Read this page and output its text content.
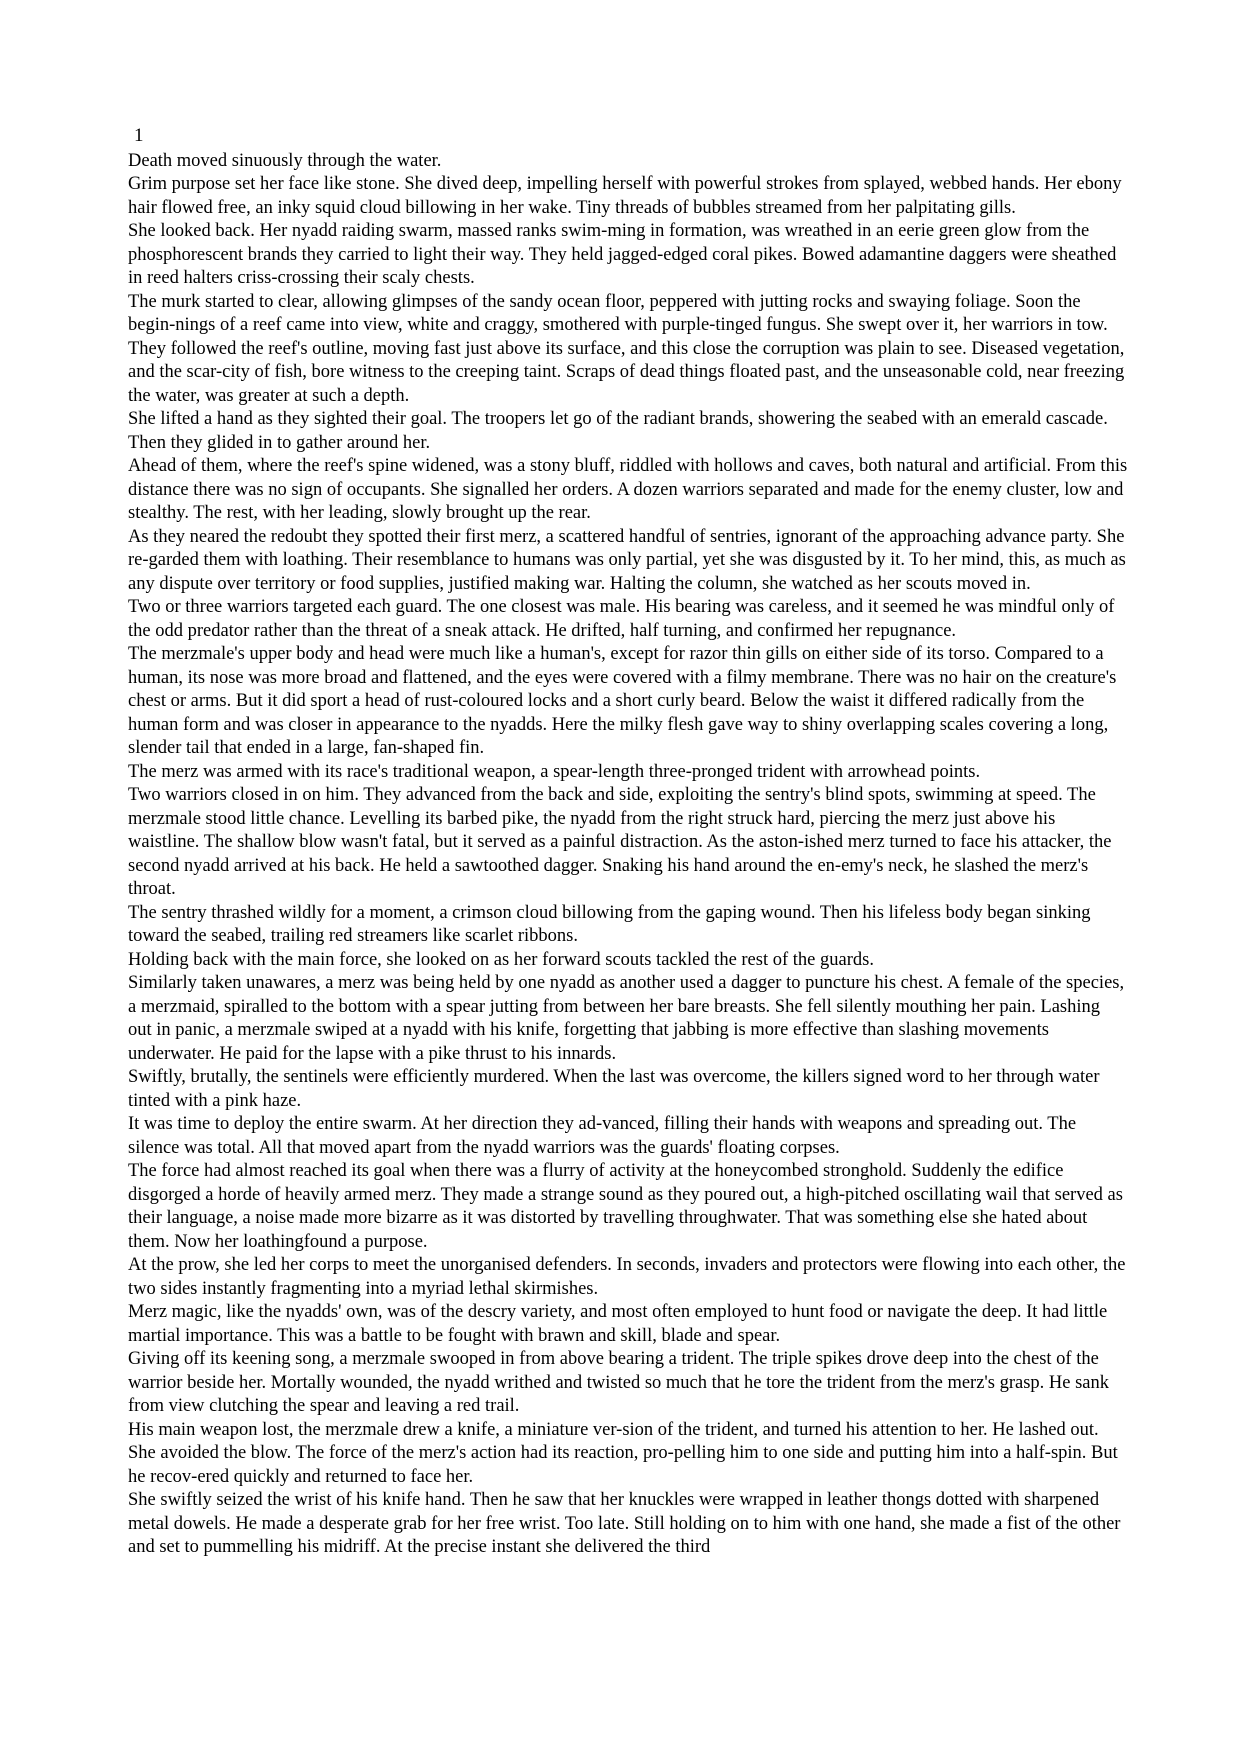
1

Death moved sinuously through the water.

Grim purpose set her face like stone. She dived deep, impelling herself with powerful strokes from splayed, webbed hands. Her ebony hair flowed free, an inky squid cloud billowing in her wake. Tiny threads of bubbles streamed from her palpitating gills.

She looked back. Her nyadd raiding swarm, massed ranks swim-ming in formation, was wreathed in an eerie green glow from the phosphorescent brands they carried to light their way. They held jagged-edged coral pikes. Bowed adamantine daggers were sheathed in reed halters criss-crossing their scaly chests.

The murk started to clear, allowing glimpses of the sandy ocean floor, peppered with jutting rocks and swaying foliage. Soon the begin-nings of a reef came into view, white and craggy, smothered with purple-tinged fungus. She swept over it, her warriors in tow. They followed the reef's outline, moving fast just above its surface, and this close the corruption was plain to see. Diseased vegetation, and the scar-city of fish, bore witness to the creeping taint. Scraps of dead things floated past, and the unseasonable cold, near freezing the water, was greater at such a depth.

She lifted a hand as they sighted their goal. The troopers let go of the radiant brands, showering the seabed with an emerald cascade. Then they glided in to gather around her.

Ahead of them, where the reef's spine widened, was a stony bluff, riddled with hollows and caves, both natural and artificial. From this distance there was no sign of occupants. She signalled her orders. A dozen warriors separated and made for the enemy cluster, low and stealthy. The rest, with her leading, slowly brought up the rear.

As they neared the redoubt they spotted their first merz, a scattered handful of sentries, ignorant of the approaching advance party. She re-garded them with loathing. Their resemblance to humans was only partial, yet she was disgusted by it. To her mind, this, as much as any dispute over territory or food supplies, justified making war. Halting the column, she watched as her scouts moved in.

Two or three warriors targeted each guard. The one closest was male. His bearing was careless, and it seemed he was mindful only of the odd predator rather than the threat of a sneak attack. He drifted, half turning, and confirmed her repugnance.

The merzmale's upper body and head were much like a human's, except for razor thin gills on either side of its torso. Compared to a human, its nose was more broad and flattened, and the eyes were covered with a filmy membrane. There was no hair on the creature's chest or arms. But it did sport a head of rust-coloured locks and a short curly beard. Below the waist it differed radically from the human form and was closer in appearance to the nyadds. Here the milky flesh gave way to shiny overlapping scales covering a long, slender tail that ended in a large, fan-shaped fin.

The merz was armed with its race's traditional weapon, a spear-length three-pronged trident with arrowhead points.

Two warriors closed in on him. They advanced from the back and side, exploiting the sentry's blind spots, swimming at speed. The merzmale stood little chance. Levelling its barbed pike, the nyadd from the right struck hard, piercing the merz just above his waistline. The shallow blow wasn't fatal, but it served as a painful distraction. As the aston-ished merz turned to face his attacker, the second nyadd arrived at his back. He held a sawtoothed dagger. Snaking his hand around the en-emy's neck, he slashed the merz's throat.

The sentry thrashed wildly for a moment, a crimson cloud billowing from the gaping wound. Then his lifeless body began sinking toward the seabed, trailing red streamers like scarlet ribbons.

Holding back with the main force, she looked on as her forward scouts tackled the rest of the guards.

Similarly taken unawares, a merz was being held by one nyadd as another used a dagger to puncture his chest. A female of the species, a merzmaid, spiralled to the bottom with a spear jutting from between her bare breasts. She fell silently mouthing her pain. Lashing out in panic, a merzmale swiped at a nyadd with his knife, forgetting that jabbing is more effective than slashing movements underwater. He paid for the lapse with a pike thrust to his innards.

Swiftly, brutally, the sentinels were efficiently murdered. When the last was overcome, the killers signed word to her through water tinted with a pink haze.

It was time to deploy the entire swarm. At her direction they ad-vanced, filling their hands with weapons and spreading out. The silence was total. All that moved apart from the nyadd warriors was the guards' floating corpses.

The force had almost reached its goal when there was a flurry of activity at the honeycombed stronghold. Suddenly the edifice disgorged a horde of heavily armed merz. They made a strange sound as they poured out, a high-pitched oscillating wail that served as their language, a noise made more bizarre as it was distorted by travelling throughwater. That was something else she hated about them. Now her loathingfound a purpose.

At the prow, she led her corps to meet the unorganised defenders. In seconds, invaders and protectors were flowing into each other, the two sides instantly fragmenting into a myriad lethal skirmishes.

Merz magic, like the nyadds' own, was of the descry variety, and most often employed to hunt food or navigate the deep. It had little martial importance. This was a battle to be fought with brawn and skill, blade and spear.

Giving off its keening song, a merzmale swooped in from above bearing a trident. The triple spikes drove deep into the chest of the warrior beside her. Mortally wounded, the nyadd writhed and twisted so much that he tore the trident from the merz's grasp. He sank from view clutching the spear and leaving a red trail.

His main weapon lost, the merzmale drew a knife, a miniature ver-sion of the trident, and turned his attention to her. He lashed out. She avoided the blow. The force of the merz's action had its reaction, pro-pelling him to one side and putting him into a half-spin. But he recov-ered quickly and returned to face her.

She swiftly seized the wrist of his knife hand. Then he saw that her knuckles were wrapped in leather thongs dotted with sharpened metal dowels. He made a desperate grab for her free wrist. Too late. Still holding on to him with one hand, she made a fist of the other and set to pummelling his midriff. At the precise instant she delivered the third
